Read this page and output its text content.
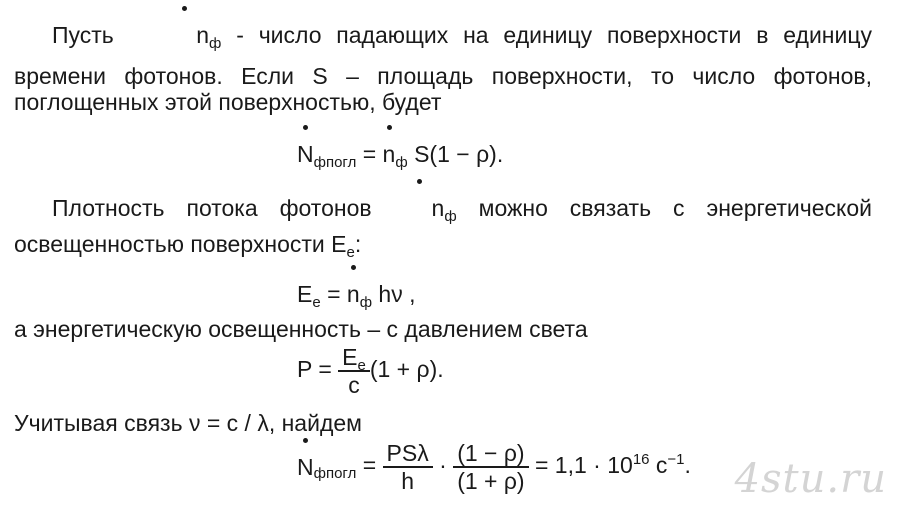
Пусть	$n_ф$ - число падающих на единицу поверхности в единицу
времени фотонов. Если S – площадь поверхности, то число фотонов,
поглощенных этой поверхностью, будет
$N_{фпогл}$ =
$n_ф$ S(1 − ρ).
Плотность потока фотонов	$n_ф$ можно связать с энергетической
освещенностью поверхности $E_e$:
$E_e$ =
$n_ф$ hν ,
а энергетическую освещенность – с давлением света
$P = \frac{E_e}{c} (1 + \rho)$.
Учитывая связь ν = c / λ, найдем
$N_{фпогл} = \frac{\text{PSλ}}{h} \cdot \frac{(1 - \rho)}{(1 + \rho)} = 1,1 \cdot 10^{16}$ $c^{-1}$. 4stu.ru
